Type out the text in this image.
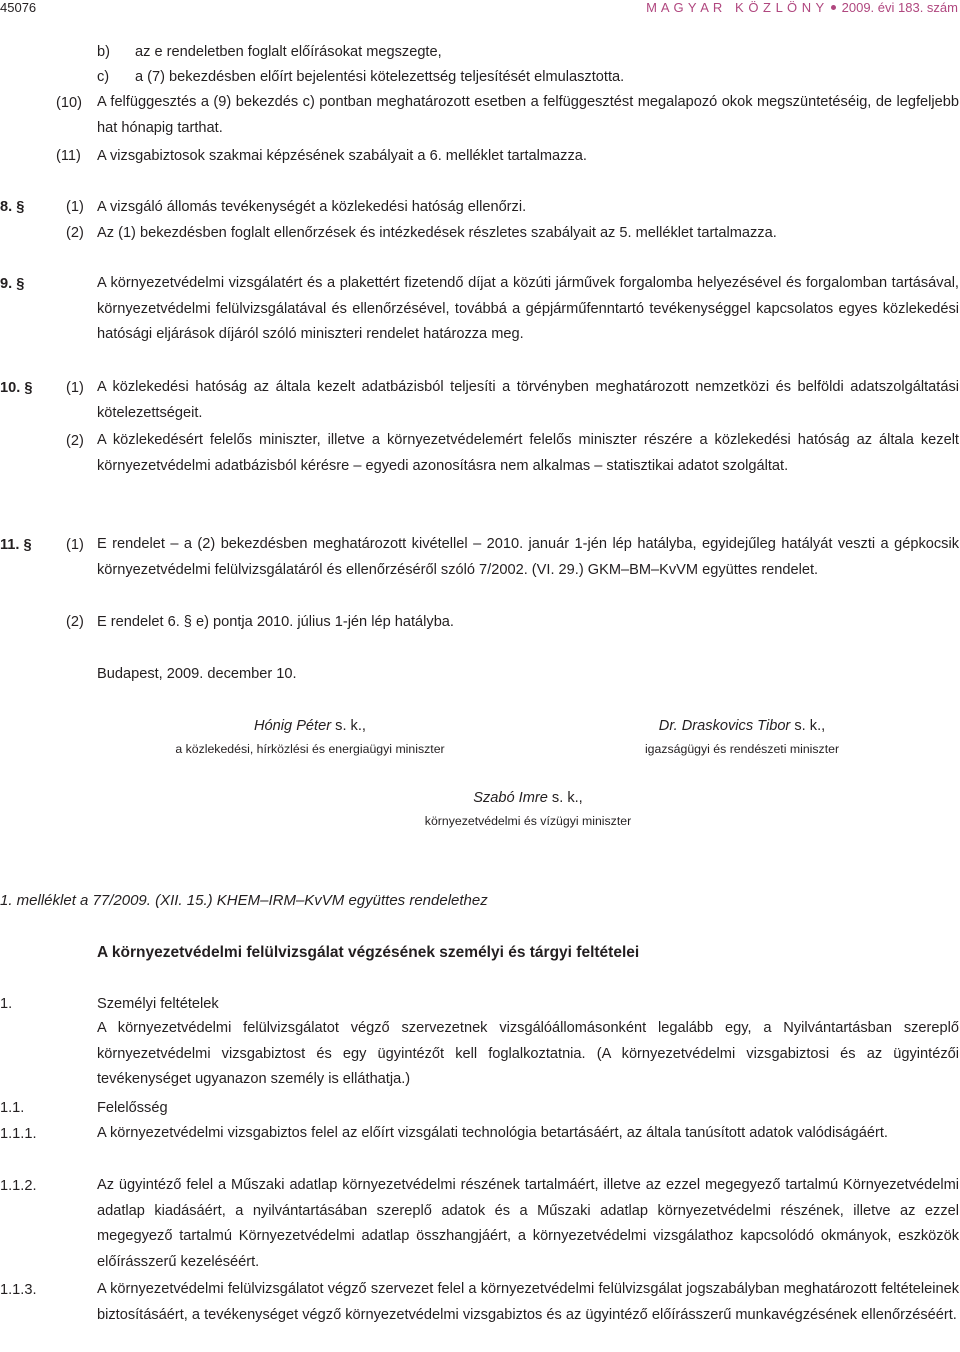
45076	M A G Y A R   K Ö Z L Ö N Y 2009. évi 183. szám
b) az e rendeletben foglalt előírásokat megszegte,
c) a (7) bekezdésben előírt bejelentési kötelezettség teljesítését elmulasztotta.
(10) A felfüggesztés a (9) bekezdés c) pontban meghatározott esetben a felfüggesztést megalapozó okok megszüntetéséig, de legfeljebb hat hónapig tarthat.
(11) A vizsgabiztosok szakmai képzésének szabályait a 6. melléklet tartalmazza.
8. §	(1) A vizsgáló állomás tevékenységét a közlekedési hatóság ellenőrzi.
(2) Az (1) bekezdésben foglalt ellenőrzések és intézkedések részletes szabályait az 5. melléklet tartalmazza.
9. §	A környezetvédelmi vizsgálatért és a plakettért fizetendő díjat a közúti járművek forgalomba helyezésével és forgalomban tartásával, környezetvédelmi felülvizsgálatával és ellenőrzésével, továbbá a gépjárműfenntartó tevékenységgel kapcsolatos egyes közlekedési hatósági eljárások díjáról szóló miniszteri rendelet határozza meg.
10. § (1) A közlekedési hatóság az általa kezelt adatbázisból teljesíti a törvényben meghatározott nemzetközi és belföldi adatszolgáltatási kötelezettségeit.
(2) A közlekedésért felelős miniszter, illetve a környezetvédelemért felelős miniszter részére a közlekedési hatóság az általa kezelt környezetvédelmi adatbázisból kérésre – egyedi azonosításra nem alkalmas – statisztikai adatot szolgáltat.
11. § (1) E rendelet – a (2) bekezdésben meghatározott kivétellel – 2010. január 1-jén lép hatályba, egyidejűleg hatályát veszti a gépkocsik környezetvédelmi felülvizsgálatáról és ellenőrzéséről szóló 7/2002. (VI. 29.) GKM–BM–KvVM együttes rendelet.
(2) E rendelet 6. § e) pontja 2010. július 1-jén lép hatályba.
Budapest, 2009. december 10.
Hónig Péter s. k.,
a közlekedési, hírközlési és energiaügyi miniszter
Dr. Draskovics Tibor s. k.,
igazságügyi és rendészeti miniszter
Szabó Imre s. k.,
környezetvédelmi és vízügyi miniszter
1. melléklet a 77/2009. (XII. 15.) KHEM–IRM–KvVM együttes rendelethez
A környezetvédelmi felülvizsgálat végzésének személyi és tárgyi feltételei
1.	Személyi feltételek
A környezetvédelmi felülvizsgálatot végző szervezetnek vizsgálóállomásonként legalább egy, a Nyilvántartásban szereplő környezetvédelmi vizsgabiztost és egy ügyintézőt kell foglalkoztatnia. (A környezetvédelmi vizsgabiztosi és az ügyintézői tevékenységet ugyanazon személy is elláthatja.)
1.1.	Felelősség
1.1.1.	A környezetvédelmi vizsgabiztos felel az előírt vizsgálati technológia betartásáért, az általa tanúsított adatok valódiságáért.
1.1.2.	Az ügyintéző felel a Műszaki adatlap környezetvédelmi részének tartalmáért, illetve az ezzel megegyező tartalmú Környezetvédelmi adatlap kiadásáért, a nyilvántartásában szereplő adatok és a Műszaki adatlap környezetvédelmi részének, illetve az ezzel megegyező tartalmú Környezetvédelmi adatlap összhangjáért, a környezetvédelmi vizsgálathoz kapcsolódó okmányok, eszközök előírásszerű kezeléséért.
1.1.3.	A környezetvédelmi felülvizsgálatot végző szervezet felel a környezetvédelmi felülvizsgálat jogszabályban meghatározott feltételeinek biztosításáért, a tevékenységet végző környezetvédelmi vizsgabiztos és az ügyintéző előírásszerű munkavégzésének ellenőrzéséért.
